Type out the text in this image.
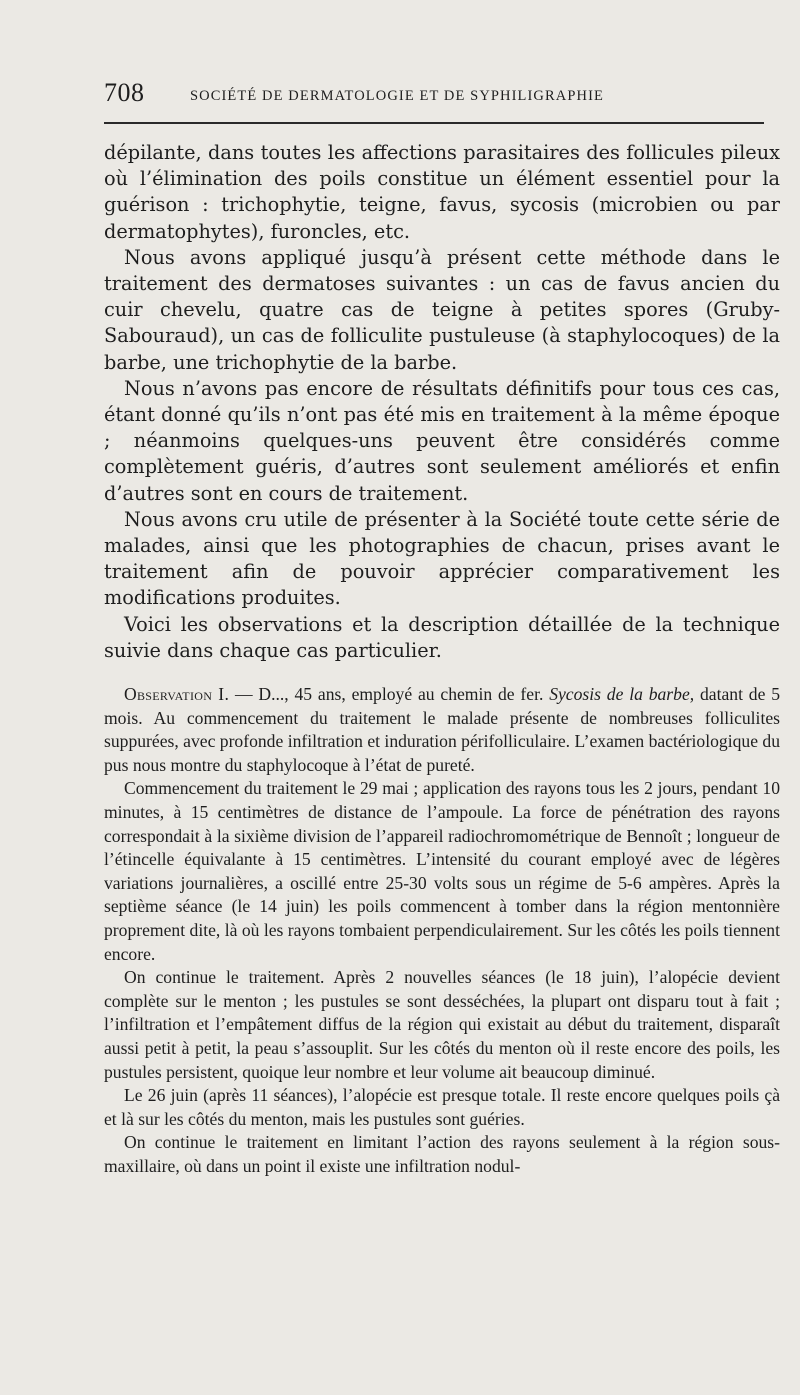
708	SOCIÉTÉ DE DERMATOLOGIE ET DE SYPHILIGRAPHIE

dépilante, dans toutes les affections parasitaires des follicules pileux où l’élimination des poils constitue un élément essentiel pour la guérison : trichophytie, teigne, favus, sycosis (microbien ou par dermatophytes), furoncles, etc.

Nous avons appliqué jusqu’à présent cette méthode dans le traitement des dermatoses suivantes : un cas de favus ancien du cuir chevelu, quatre cas de teigne à petites spores (Gruby-Sabouraud), un cas de folliculite pustuleuse (à staphylocoques) de la barbe, une trichophytie de la barbe.

Nous n’avons pas encore de résultats définitifs pour tous ces cas, étant donné qu’ils n’ont pas été mis en traitement à la même époque ; néanmoins quelques-uns peuvent être considérés comme complètement guéris, d’autres sont seulement améliorés et enfin d’autres sont en cours de traitement.

Nous avons cru utile de présenter à la Société toute cette série de malades, ainsi que les photographies de chacun, prises avant le traitement afin de pouvoir apprécier comparativement les modifications produites.

Voici les observations et la description détaillée de la technique suivie dans chaque cas particulier.

Observation I. — D..., 45 ans, employé au chemin de fer. Sycosis de la barbe, datant de 5 mois. Au commencement du traitement le malade présente de nombreuses folliculites suppurées, avec profonde infiltration et induration périfolliculaire. L’examen bactériologique du pus nous montre du staphylocoque à l’état de pureté.

Commencement du traitement le 29 mai ; application des rayons tous les 2 jours, pendant 10 minutes, à 15 centimètres de distance de l’ampoule. La force de pénétration des rayons correspondait à la sixième division de l’appareil radiochromométrique de Bennoît ; longueur de l’étincelle équivalante à 15 centimètres. L’intensité du courant employé avec de légères variations journalières, a oscillé entre 25-30 volts sous un régime de 5-6 ampères. Après la septième séance (le 14 juin) les poils commencent à tomber dans la région mentonnière proprement dite, là où les rayons tombaient perpendiculairement. Sur les côtés les poils tiennent encore.

On continue le traitement. Après 2 nouvelles séances (le 18 juin), l’alopécie devient complète sur le menton ; les pustules se sont desséchées, la plupart ont disparu tout à fait ; l’infiltration et l’empâtement diffus de la région qui existait au début du traitement, disparaît aussi petit à petit, la peau s’assouplit. Sur les côtés du menton où il reste encore des poils, les pustules persistent, quoique leur nombre et leur volume ait beaucoup diminué.

Le 26 juin (après 11 séances), l’alopécie est presque totale. Il reste encore quelques poils çà et là sur les côtés du menton, mais les pustules sont guéries.

On continue le traitement en limitant l’action des rayons seulement à la région sous-maxillaire, où dans un point il existe une infiltration nodul-
